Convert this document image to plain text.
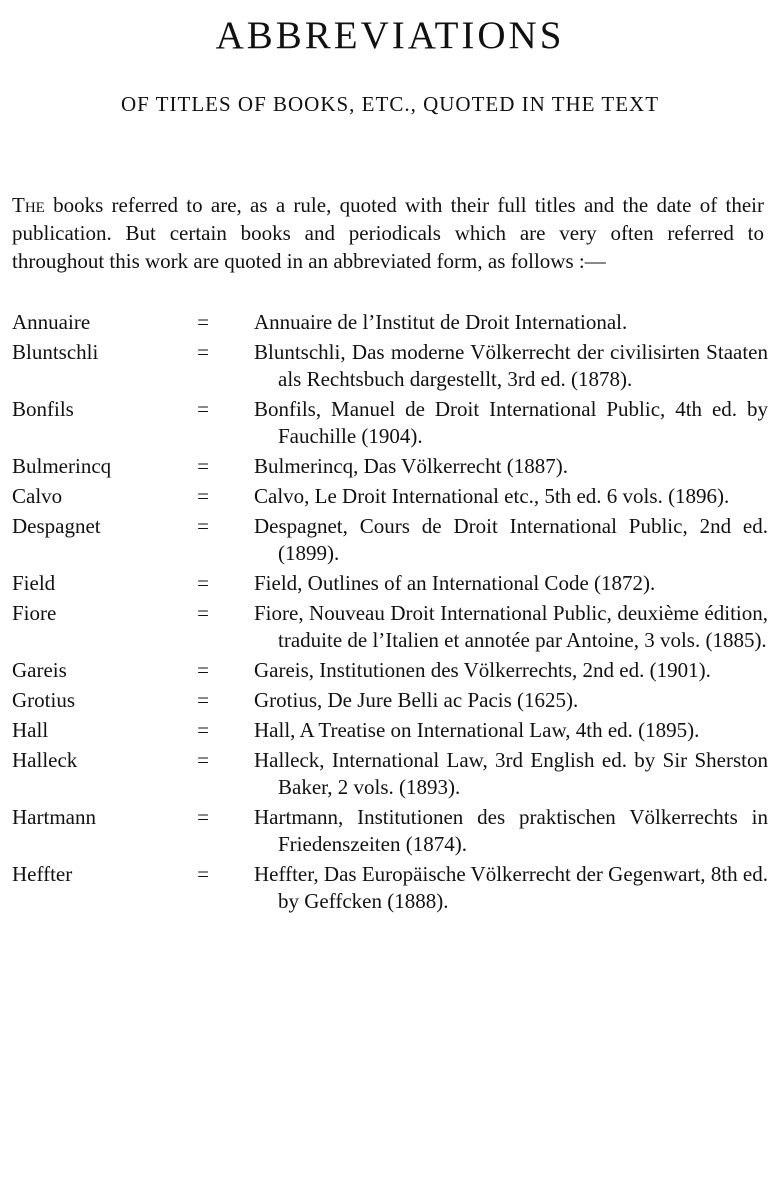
ABBREVIATIONS
OF TITLES OF BOOKS, ETC., QUOTED IN THE TEXT

The books referred to are, as a rule, quoted with their full titles and the date of their publication. But certain books and periodicals which are very often referred to throughout this work are quoted in an abbreviated form, as follows :—

Annuaire	=	Annuaire de l’Institut de Droit International.
Bluntschli	=	Bluntschli, Das moderne Völkerrecht der civilisirten Staaten als Rechtsbuch dargestellt, 3rd ed. (1878).
Bonfils	=	Bonfils, Manuel de Droit International Public, 4th ed. by Fauchille (1904).
Bulmerincq	=	Bulmerincq, Das Völkerrecht (1887).
Calvo	=	Calvo, Le Droit International etc., 5th ed. 6 vols. (1896).
Despagnet	=	Despagnet, Cours de Droit International Public, 2nd ed. (1899).
Field	=	Field, Outlines of an International Code (1872).
Fiore	=	Fiore, Nouveau Droit International Public, deuxième édition, traduite de l’Italien et annotée par Antoine, 3 vols. (1885).
Gareis	=	Gareis, Institutionen des Völkerrechts, 2nd ed. (1901).
Grotius	=	Grotius, De Jure Belli ac Pacis (1625).
Hall	=	Hall, A Treatise on International Law, 4th ed. (1895).
Halleck	=	Halleck, International Law, 3rd English ed. by Sir Sherston Baker, 2 vols. (1893).
Hartmann	=	Hartmann, Institutionen des praktischen Völkerrechts in Friedenszeiten (1874).
Heffter	=	Heffter, Das Europäische Völkerrecht der Gegenwart, 8th ed. by Geffcken (1888).
